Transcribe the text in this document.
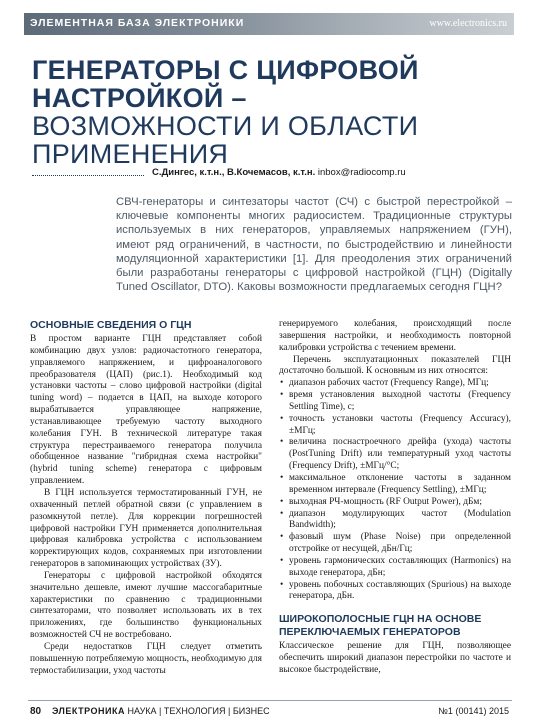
ЭЛЕМЕНТНАЯ БАЗА ЭЛЕКТРОНИКИ	www.electronics.ru
ГЕНЕРАТОРЫ С ЦИФРОВОЙ
НАСТРОЙКОЙ –
ВОЗМОЖНОСТИ И ОБЛАСТИ
ПРИМЕНЕНИЯ
С.Дингес, к.т.н., В.Кочемасов, к.т.н. inbox@radiocomp.ru

СВЧ-генераторы и синтезаторы частот (СЧ) с быстрой перестройкой – ключевые компоненты многих радиосистем. Традиционные структуры используемых в них генераторов, управляемых напряжением (ГУН), имеют ряд ограничений, в частности, по быстродействию и линейности модуляционной характеристики [1]. Для преодоления этих ограничений были разработаны генераторы с цифровой настройкой (ГЦН) (Digitally Tuned Oscillator, DTO). Каковы возможности предлагаемых сегодня ГЦН?

ОСНОВНЫЕ СВЕДЕНИЯ О ГЦН

В простом варианте ГЦН представляет собой комбинацию двух узлов: радиочастотного генератора, управляемого напряжением, и цифроаналогового преобразователя (ЦАП) (рис.1). Необходимый код установки частоты – слово цифровой настройки (digital tuning word) – подается в ЦАП, на выходе которого вырабатывается управляющее напряжение, устанавливающее требуемую частоту выходного колебания ГУН. В технической литературе такая структура перестраиваемого генератора получила обобщенное название "гибридная схема настройки" (hybrid tuning scheme) генератора с цифровым управлением.

В ГЦН используется термостатированный ГУН, не охваченный петлей обратной связи (с управлением в разомкнутой петле). Для коррекции погрешностей цифровой настройки ГУН применяется дополнительная цифровая калибровка устройства с использованием корректирующих кодов, сохраняемых при изготовлении генераторов в запоминающих устройствах (ЗУ).

Генераторы с цифровой настройкой обходятся значительно дешевле, имеют лучшие массогабаритные характеристики по сравнению с традиционными синтезаторами, что позволяет использовать их в тех приложениях, где большинство функциональных возможностей СЧ не востребовано.

Среди недостатков ГЦН следует отметить повышенную потребляемую мощность, необходимую для термостабилизации, уход частоты

генерируемого колебания, происходящий после завершения настройки, и необходимость повторной калибровки устройства с течением времени.

Перечень эксплуатационных показателей ГЦН достаточно большой. К основным из них относятся:

• диапазон рабочих частот (Frequency Range), МГц;
• время установления выходной частоты (Frequency Settling Time), с;
• точность установки частоты (Frequency Accuracy), ±МГц;
• величина поснастроечного дрейфа (ухода) частоты (PostTuning Drift) или температурный уход частоты (Frequency Drift), ±МГц/°С;
• максимальное отклонение частоты в заданном временном интервале (Frequency Settling), ±МГц;
• выходная РЧ-мощность (RF Output Power), дБм;
• диапазон модулирующих частот (Modulation Bandwidth);
• фазовый шум (Phase Noise) при определенной отстройке от несущей, дБн/Гц;
• уровень гармонических составляющих (Harmonics) на выходе генератора, дБн;
• уровень побочных составляющих (Spurious) на выходе генератора, дБн.
ШИРОКОПОЛОСНЫЕ ГЦН НА ОСНОВЕ ПЕРЕКЛЮЧАЕМЫХ ГЕНЕРАТОРОВ

Классическое решение для ГЦН, позволяющее обеспечить широкий диапазон перестройки по частоте и высокое быстродействие,

80 ЭЛЕКТРОНИКА НАУКА | ТЕХНОЛОГИЯ | БИЗНЕС	№1 (00141) 2015
